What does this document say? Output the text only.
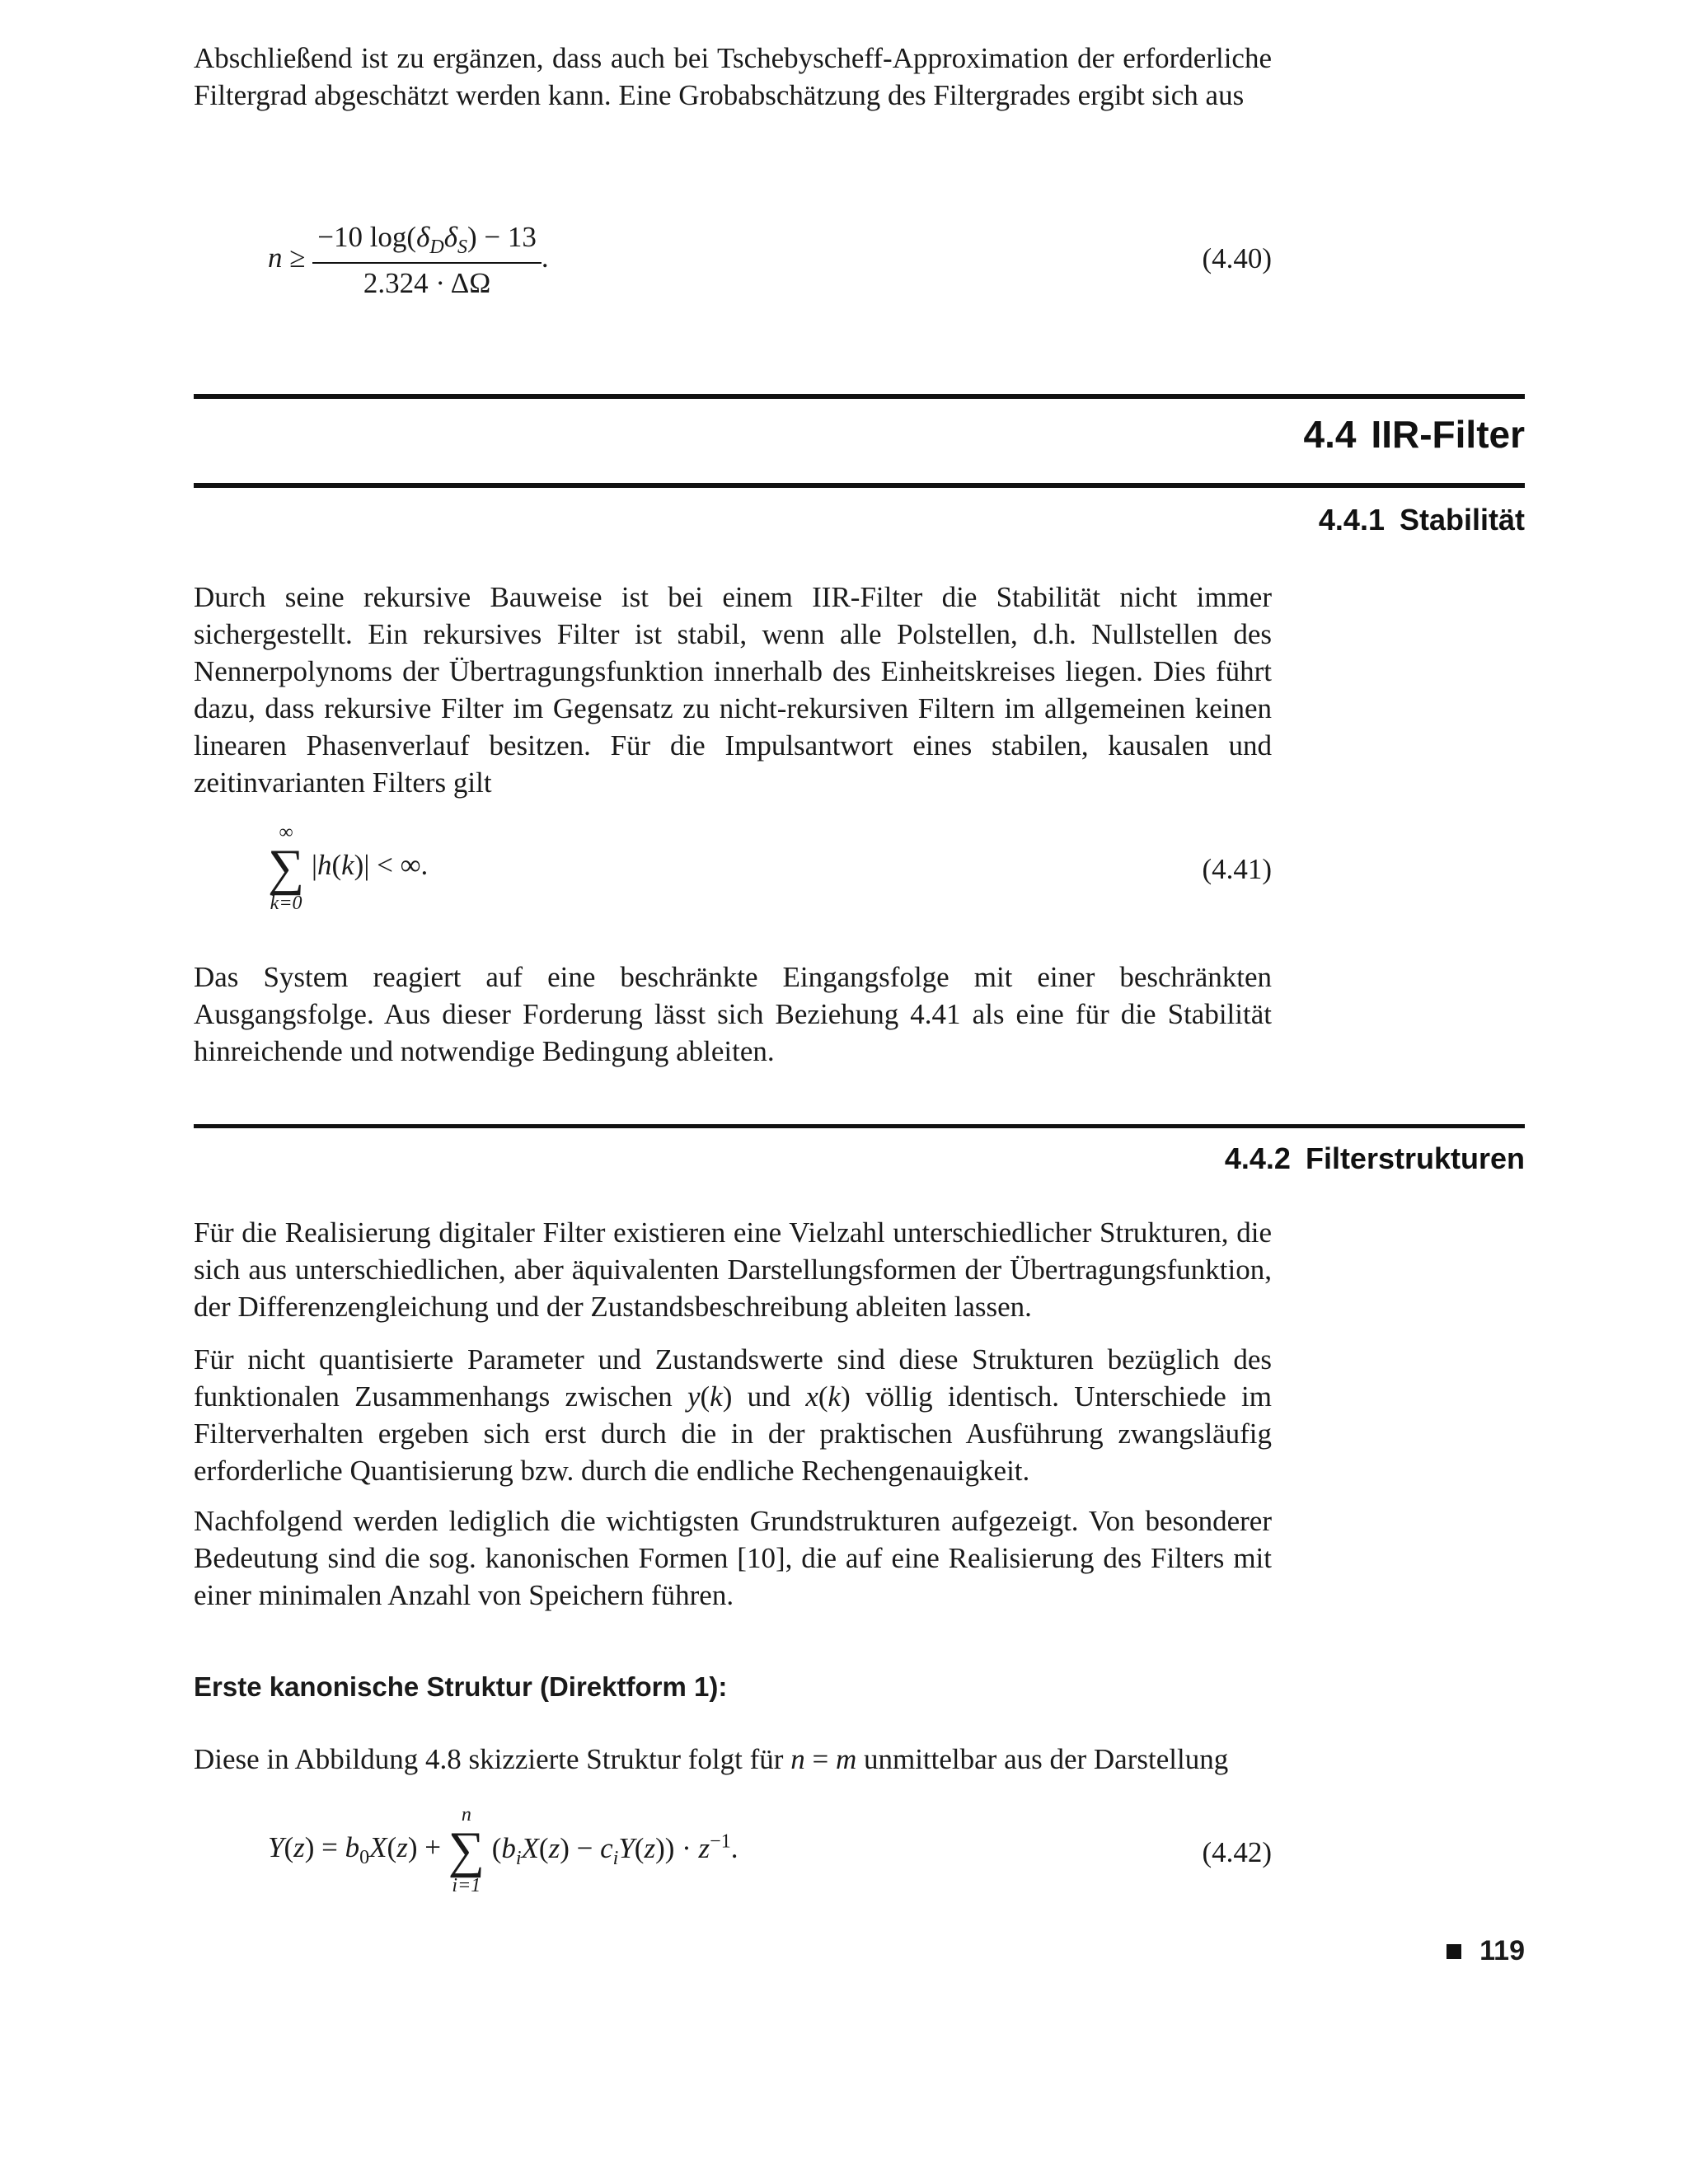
Abschließend ist zu ergänzen, dass auch bei Tschebyscheff-Approximation der erforderliche Filtergrad abgeschätzt werden kann. Eine Grobabschätzung des Filtergrades ergibt sich aus

$n \ge \frac{-10 \log(\delta_D\delta_S) - 13}{2.324 \cdot \Delta\Omega}$ .	(4.40)
4.4 IIR-Filter
4.4.1 Stabilität

Durch seine rekursive Bauweise ist bei einem IIR-Filter die Stabilität nicht immer sichergestellt. Ein rekursives Filter ist stabil, wenn alle Polstellen, d.h. Nullstellen des Nennerpolynoms der Übertragungsfunktion innerhalb des Einheitskreises liegen. Dies führt dazu, dass rekursive Filter im Gegensatz zu nicht-rekursiven Filtern im allgemeinen keinen linearen Phasenverlauf besitzen. Für die Impulsantwort eines stabilen, kausalen und zeitinvarianten Filters gilt

∞
∑
k=0
|h(k)| < ∞.	(4.41)

Das System reagiert auf eine beschränkte Eingangsfolge mit einer beschränkten Ausgangsfolge. Aus dieser Forderung lässt sich Beziehung 4.41 als eine für die Stabilität hinreichende und notwendige Bedingung ableiten.

4.4.2 Filterstrukturen

Für die Realisierung digitaler Filter existieren eine Vielzahl unterschiedlicher Strukturen, die sich aus unterschiedlichen, aber äquivalenten Darstellungsformen der Übertragungsfunktion, der Differenzengleichung und der Zustandsbeschreibung ableiten lassen.

Für nicht quantisierte Parameter und Zustandswerte sind diese Strukturen bezüglich des funktionalen Zusammenhangs zwischen y(k) und x(k) völlig identisch. Unterschiede im Filterverhalten ergeben sich erst durch die in der praktischen Ausführung zwangsläufig erforderliche Quantisierung bzw. durch die endliche Rechengenauigkeit.

Nachfolgend werden lediglich die wichtigsten Grundstrukturen aufgezeigt. Von besonderer Bedeutung sind die sog. kanonischen Formen [10], die auf eine Realisierung des Filters mit einer minimalen Anzahl von Speichern führen.

Erste kanonische Struktur (Direktform 1):

Diese in Abbildung 4.8 skizzierte Struktur folgt für n = m unmittelbar aus der Darstellung

$Y(z) = b_0X(z)$ +
n
∑
i=1
$(b_iX(z) - c_iY(z)) \cdot z^{-1}$.	(4.42)
119
